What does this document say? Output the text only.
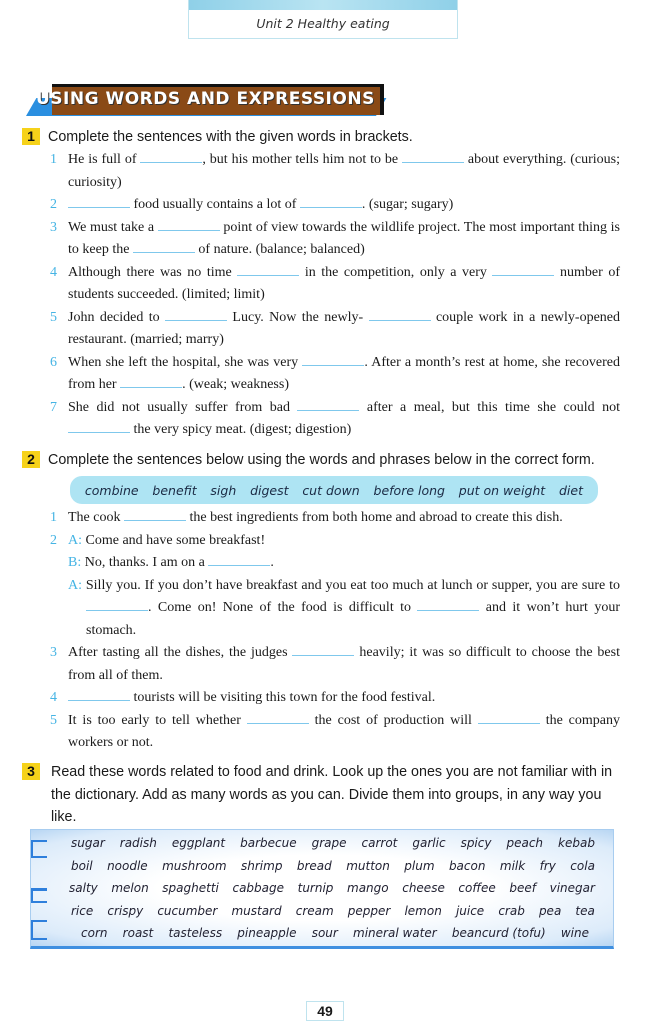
Unit 2 Healthy eating
USING WORDS AND EXPRESSIONS
1 Complete the sentences with the given words in brackets.
1 He is full of	, but his mother tells him not to be	about everything. (curious; curiosity)
2	food usually contains a lot of	. (sugar; sugary)
3 We must take a	point of view towards the wildlife project. The most important thing is to keep the	of nature. (balance; balanced)
4 Although there was no time	in the competition, only a very	number of students succeeded. (limited; limit)
5 John decided to	Lucy. Now the newly-	couple work in a newly-opened restaurant. (married; marry)
6 When she left the hospital, she was very	. After a month’s rest at home, she recovered from her	. (weak; weakness)
7 She did not usually suffer from bad	after a meal, but this time she could not  the very spicy meat. (digest; digestion)
2 Complete the sentences below using the words and phrases below in the correct form.
combine benefit sigh digest cut down before long put on weight diet
1 The cook	the best ingredients from both home and abroad to create this dish.
2 A: Come and have some breakfast!
B: No, thanks. I am on a	.
A: Silly you. If you don’t have breakfast and you eat too much at lunch or supper, you are sure to . Come on! None of the food is difficult to	and it won’t hurt your stomach.
3 After tasting all the dishes, the judges	heavily; it was so difficult to choose the best from all of them.
4	tourists will be visiting this town for the food festival.
5 It is too early to tell whether	the cost of production will	the company workers or not.
3	Read these words related to food and drink. Look up the ones you are not familiar with in the dictionary. Add as many words as you can. Divide them into groups, in any way you like.
sugar radish eggplant barbecue grape carrot garlic spicy peach kebab
boil noodle mushroom shrimp bread mutton plum bacon milk fry cola
salty melon spaghetti cabbage turnip mango cheese coffee beef vinegar
rice crispy cucumber mustard cream pepper lemon juice crab pea tea
corn roast tasteless pineapple sour mineral water beancurd (tofu) wine
49
